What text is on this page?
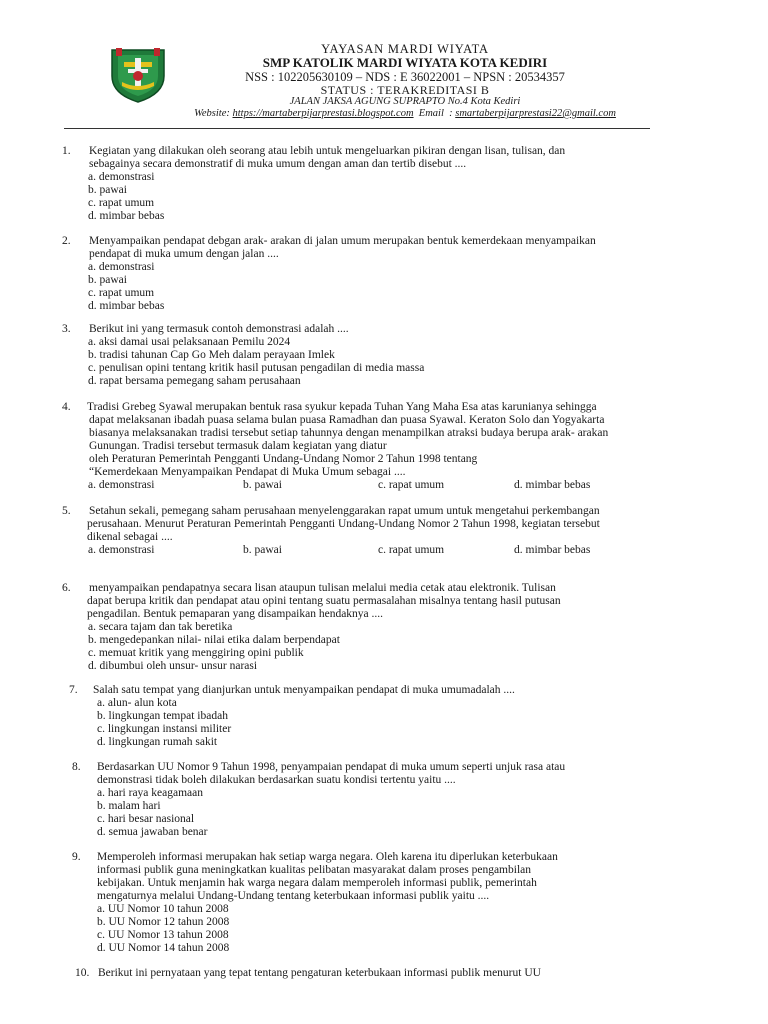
YAYASAN MARDI WIYATA
SMP KATOLIK MARDI WIYATA KOTA KEDIRI
NSS : 102205630109 – NDS : E 36022001 – NPSN : 20534357
STATUS : TERAKREDITASI B
JALAN JAKSA AGUNG SUPRAPTO No.4 Kota Kediri
Website: https://martaberpijarprestasi.blogspot.com  Email  : smartaberpijarprestasi22@gmail.com
1. Kegiatan yang dilakukan oleh seorang atau lebih untuk mengeluarkan pikiran dengan lisan, tulisan, dan
sebagainya secara demonstratif di muka umum dengan aman dan tertib disebut ....
a. demonstrasi
b. pawai
c. rapat umum
d. mimbar bebas
2. Menyampaikan pendapat debgan arak- arakan di jalan umum merupakan bentuk kemerdekaan menyampaikan
pendapat di muka umum dengan jalan ....
a. demonstrasi
b. pawai
c. rapat umum
d. mimbar bebas
3. Berikut ini yang termasuk contoh demonstrasi adalah ....
a. aksi damai usai pelaksanaan Pemilu 2024
b. tradisi tahunan Cap Go Meh dalam perayaan Imlek
c. penulisan opini tentang kritik hasil putusan pengadilan di media massa
d. rapat bersama pemegang saham perusahaan
4. Tradisi Grebeg Syawal merupakan bentuk rasa syukur kepada Tuhan Yang Maha Esa atas karunianya sehingga
dapat melaksanan ibadah puasa selama bulan puasa Ramadhan dan puasa Syawal. Keraton Solo dan Yogyakarta
biasanya melaksanakan tradisi tersebut setiap tahunnya dengan menampilkan atraksi budaya berupa arak- arakan
Gunungan. Tradisi tersebut termasuk dalam kegiatan yang diatur
oleh Peraturan Pemerintah Pengganti Undang-Undang Nomor 2 Tahun 1998 tentang
“Kemerdekaan Menyampaikan Pendapat di Muka Umum sebagai ....
a. demonstrasi	b. pawai	c. rapat umum	d. mimbar bebas
5. Setahun sekali, pemegang saham perusahaan menyelenggarakan rapat umum untuk mengetahui perkembangan
perusahaan. Menurut Peraturan Pemerintah Pengganti Undang-Undang Nomor 2 Tahun 1998, kegiatan tersebut
dikenal sebagai ....
a. demonstrasi	b. pawai	c. rapat umum	d. mimbar bebas
6. menyampaikan pendapatnya secara lisan ataupun tulisan melalui media cetak atau elektronik. Tulisan
dapat berupa kritik dan pendapat atau opini tentang suatu permasalahan misalnya tentang hasil putusan
pengadilan. Bentuk pemaparan yang disampaikan hendaknya ....
a. secara tajam dan tak beretika
b. mengedepankan nilai- nilai etika dalam berpendapat
c. memuat kritik yang menggiring opini publik
d. dibumbui oleh unsur- unsur narasi
7. Salah satu tempat yang dianjurkan untuk menyampaikan pendapat di muka umumadalah ....
a. alun- alun kota
b. lingkungan tempat ibadah
c. lingkungan instansi militer
d. lingkungan rumah sakit
8. Berdasarkan UU Nomor 9 Tahun 1998, penyampaian pendapat di muka umum seperti unjuk rasa atau
demonstrasi tidak boleh dilakukan berdasarkan suatu kondisi tertentu yaitu ....
a. hari raya keagamaan
b. malam hari
c. hari besar nasional
d. semua jawaban benar
9. Memperoleh informasi merupakan hak setiap warga negara. Oleh karena itu diperlukan keterbukaan
informasi publik guna meningkatkan kualitas pelibatan masyarakat dalam proses pengambilan
kebijakan. Untuk menjamin hak warga negara dalam memperoleh informasi publik, pemerintah
mengaturnya melalui Undang-Undang tentang keterbukaan informasi publik yaitu ....
a. UU Nomor 10 tahun 2008
b. UU Nomor 12 tahun 2008
c. UU Nomor 13 tahun 2008
d. UU Nomor 14 tahun 2008
10. Berikut ini pernyataan yang tepat tentang pengaturan keterbukaan informasi publik menurut UU
